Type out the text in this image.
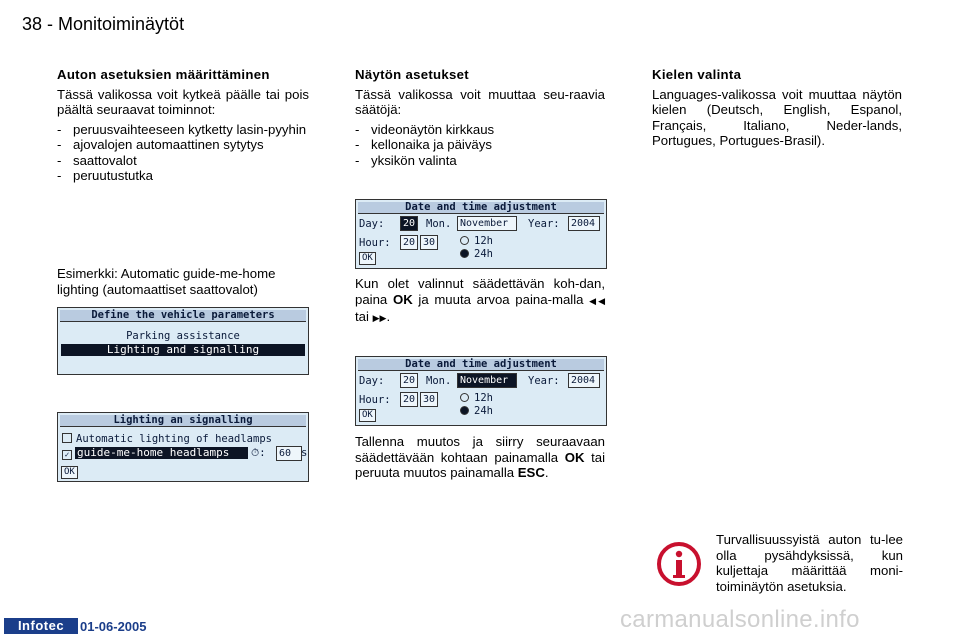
38 - Monitoiminäytöt
Auton asetuksien määrittäminen

Tässä valikossa voit kytkeä päälle tai pois päältä seuraavat toiminnot:

- peruusvaihteeseen kytketty lasin-pyyhin
- ajovalojen automaattinen sytytys
- saattovalot
- peruutustutka

Esimerkki: Automatic guide-me-home lighting (automaattiset saattovalot)

Define the vehicle parameters
Parking assistance
Lighting and signalling
Lighting an signalling
Automatic lighting of headlamps
✓ guide-me-home headlamps	⏱:	60 s
OK
Näytön asetukset

Tässä valikossa voit muuttaa seu-raavia säätöjä:

- videonäytön kirkkaus
- kellonaika ja päiväys
- yksikön valinta
Date and time adjustment
Day:	20 Mon. November	Year:	2004
Hour:	20 30	12h
24h
OK

Kun olet valinnut säädettävän koh-dan, paina OK ja muuta arvoa paina-malla ◀◀ tai ▶▶.

Date and time adjustment
Day:	20 Mon. November	Year:	2004
Hour:	20 30	12h
24h
OK

Tallenna muutos ja siirry seuraavaan säädettävään kohtaan painamalla OK tai peruuta muutos painamalla ESC.

Kielen valinta

Languages-valikossa voit muuttaa näytön kielen (Deutsch, English, Espanol, Français, Italiano, Neder-lands, Portugues, Portugues-Brasil).

Turvallisuussyistä auton tu-lee olla pysähdyksissä, kun kuljettaja määrittää moni-toiminäytön asetuksia.

Infotec	01-06-2005	carmanualsonline.info
